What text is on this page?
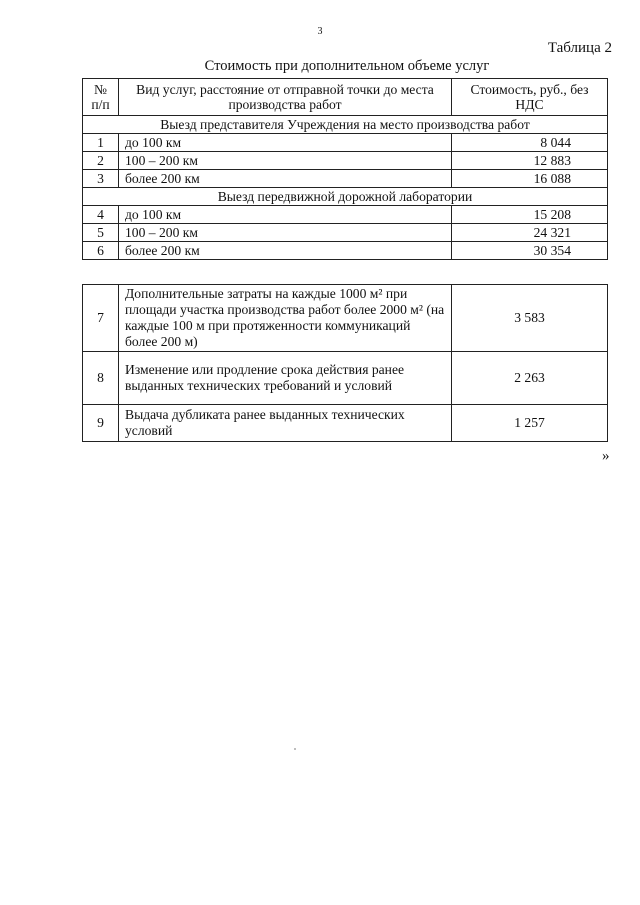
3
Таблица 2
Стоимость при дополнительном объеме услуг
№ п/п	Вид услуг, расстояние от отправной точки до места производства работ	Стоимость, руб., без НДС
Выезд представителя Учреждения на место производства работ		
1	до 100 км	8 044
2	100 – 200 км	12 883
3	более 200 км	16 088
Выезд передвижной дорожной лаборатории		
4	до 100 км	15 208
5	100 – 200 км	24 321
6	более 200 км	30 354
7	Дополнительные затраты на каждые 1000 м² при площади участка производства работ более 2000 м² (на каждые 100 м при протяженности коммуникаций более 200 м)	3 583
8	Изменение или продление срока действия ранее выданных технических требований и условий	2 263
9	Выдача дубликата ранее выданных технических условий	1 257
»
